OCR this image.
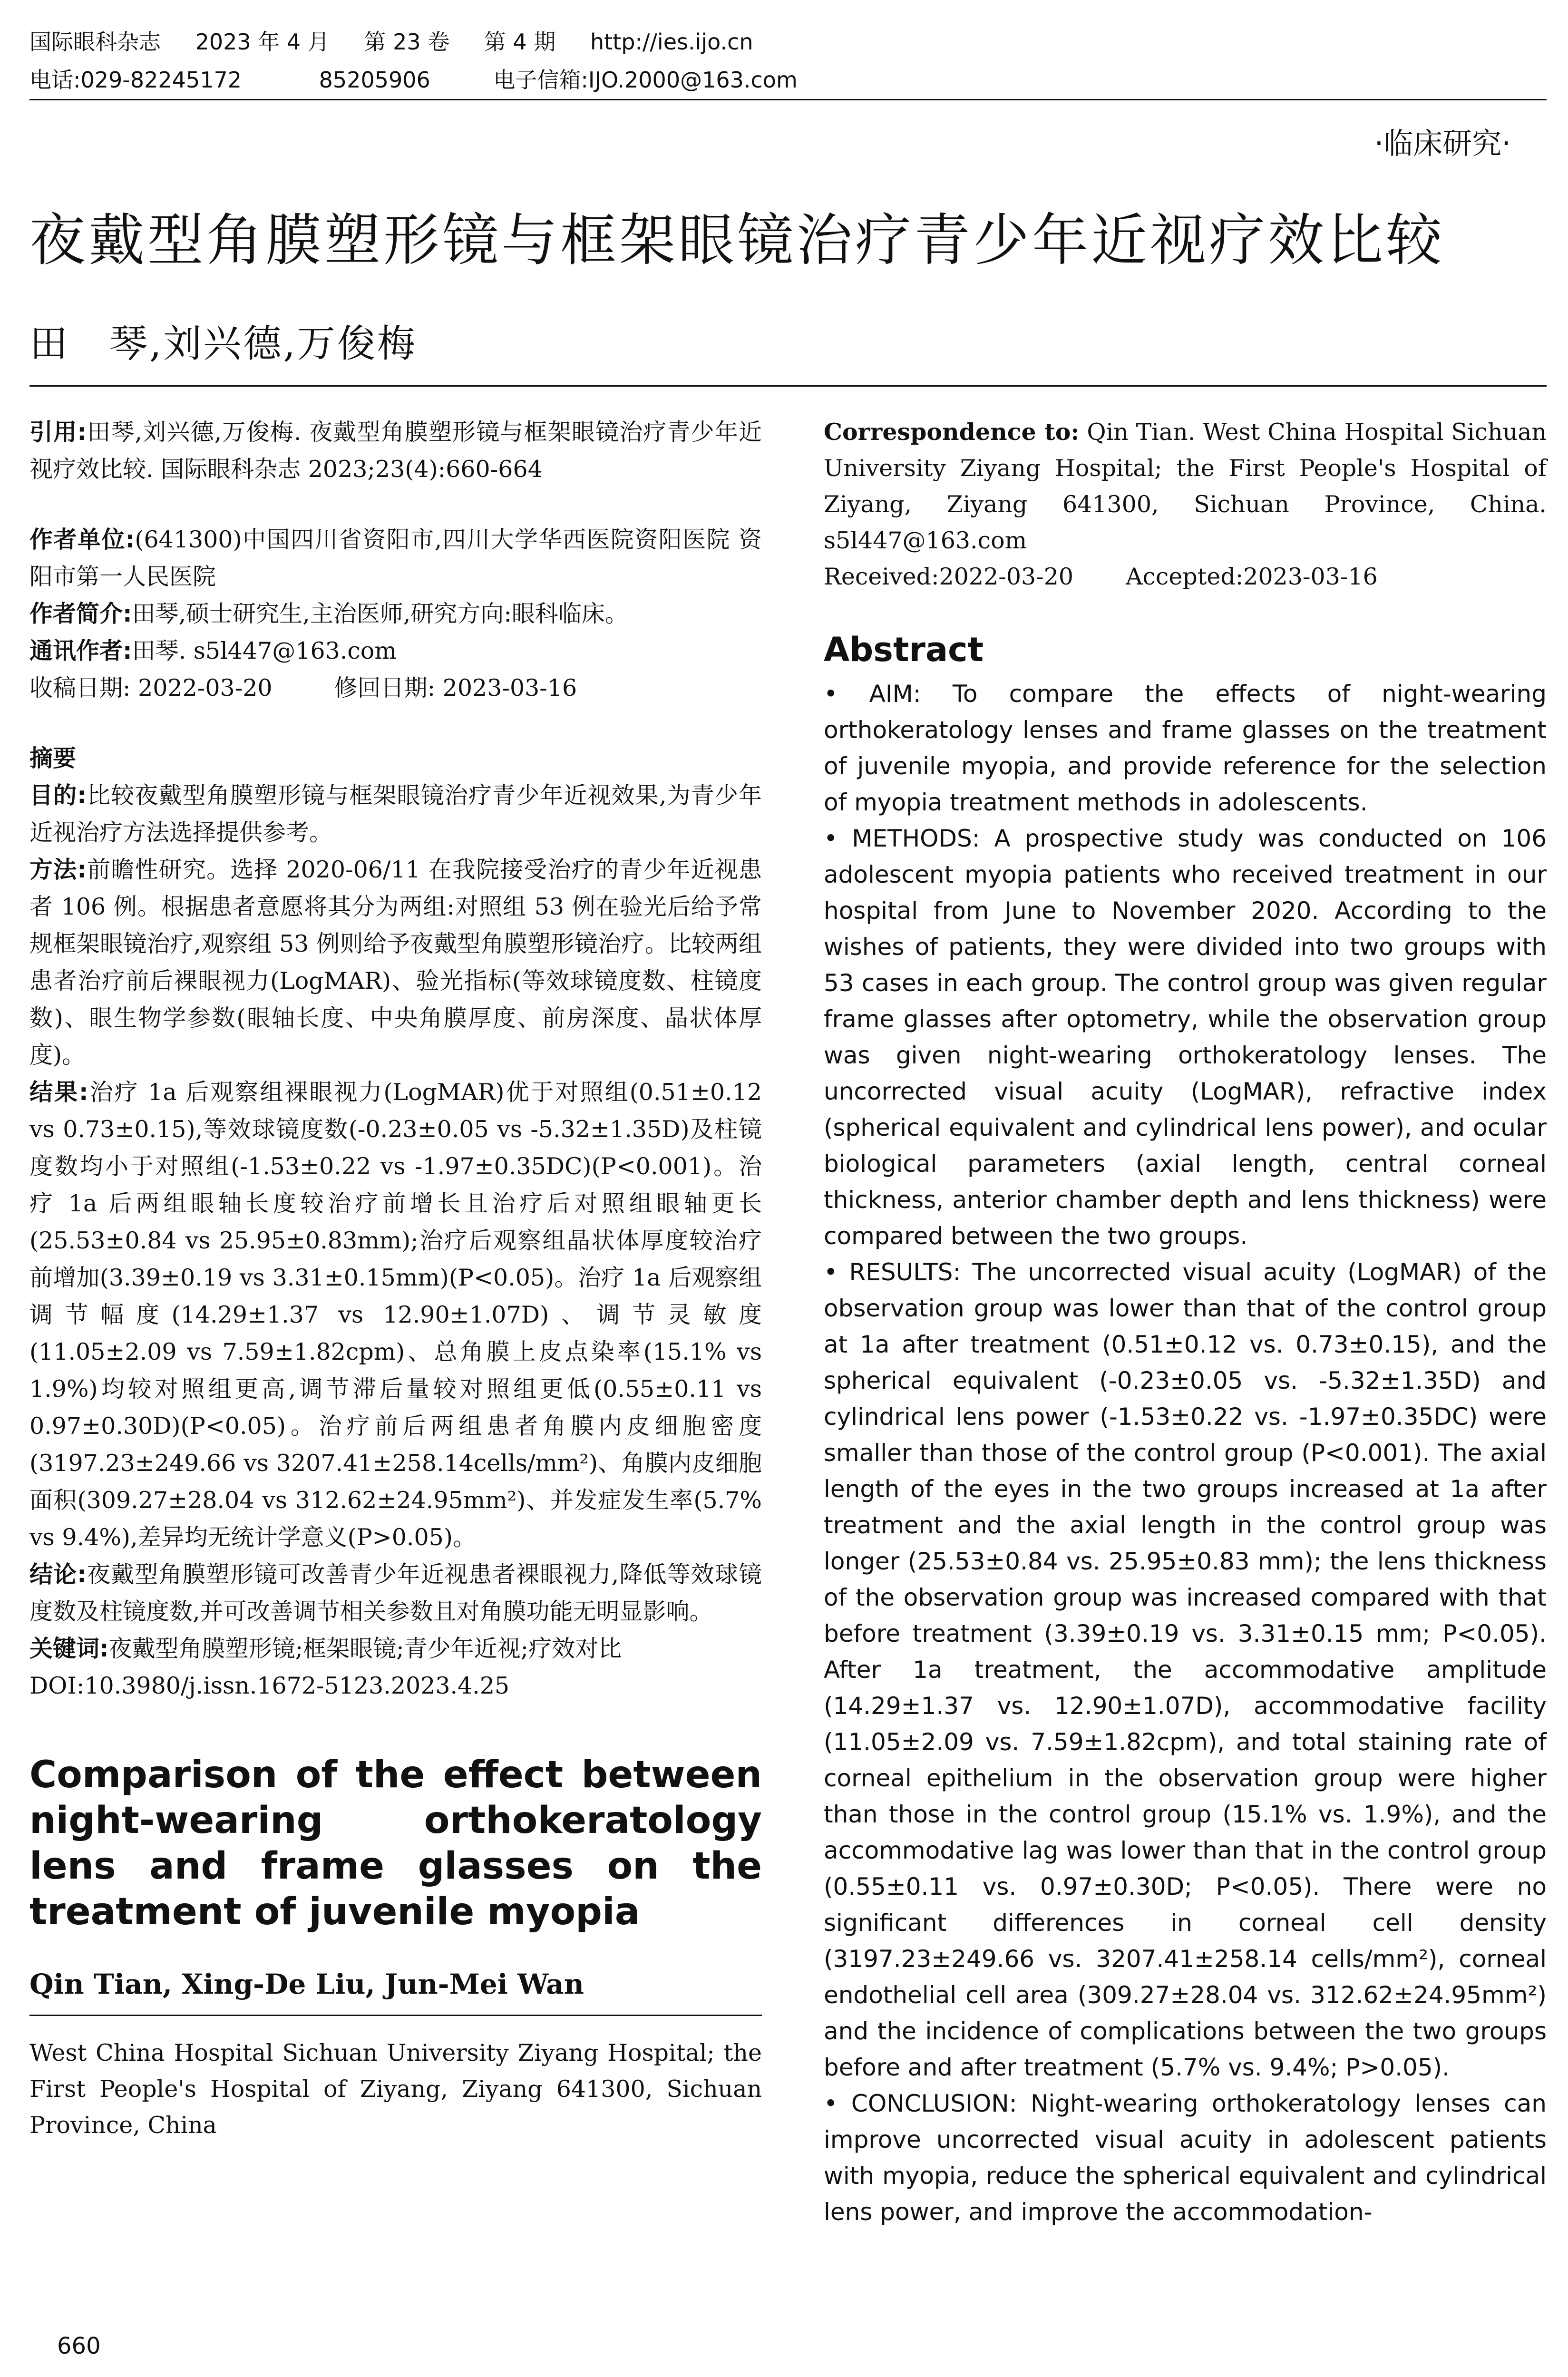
国际眼科杂志 2023 年 4 月 第 23 卷 第 4 期 http://ies.ijo.cn
电话:029-82245172	85205906	电子信箱:IJO.2000@163.com
·临床研究·
夜戴型角膜塑形镜与框架眼镜治疗青少年近视疗效比较
田　琴,刘兴德,万俊梅

引用:田琴,刘兴德,万俊梅. 夜戴型角膜塑形镜与框架眼镜治疗青少年近视疗效比较. 国际眼科杂志 2023;23(4):660-664

作者单位:(641300)中国四川省资阳市,四川大学华西医院资阳医院 资阳市第一人民医院

作者简介:田琴,硕士研究生,主治医师,研究方向:眼科临床。

通讯作者:田琴. s5l447@163.com

收稿日期: 2022-03-20	修回日期: 2023-03-16

摘要

目的:比较夜戴型角膜塑形镜与框架眼镜治疗青少年近视效果,为青少年近视治疗方法选择提供参考。

方法:前瞻性研究。选择 2020-06/11 在我院接受治疗的青少年近视患者 106 例。根据患者意愿将其分为两组:对照组 53 例在验光后给予常规框架眼镜治疗,观察组 53 例则给予夜戴型角膜塑形镜治疗。比较两组患者治疗前后裸眼视力(LogMAR)、验光指标(等效球镜度数、柱镜度数)、眼生物学参数(眼轴长度、中央角膜厚度、前房深度、晶状体厚度)。

结果:治疗 1a 后观察组裸眼视力(LogMAR)优于对照组(0.51±0.12 vs 0.73±0.15),等效球镜度数(-0.23±0.05 vs -5.32±1.35D)及柱镜度数均小于对照组(-1.53±0.22 vs -1.97±0.35DC)(P<0.001)。治疗 1a 后两组眼轴长度较治疗前增长且治疗后对照组眼轴更长(25.53±0.84 vs 25.95±0.83mm);治疗后观察组晶状体厚度较治疗前增加(3.39±0.19 vs 3.31±0.15mm)(P<0.05)。治疗 1a 后观察组调节幅度(14.29±1.37 vs 12.90±1.07D)、调节灵敏度(11.05±2.09 vs 7.59±1.82cpm)、总角膜上皮点染率(15.1% vs 1.9%)均较对照组更高,调节滞后量较对照组更低(0.55±0.11 vs 0.97±0.30D)(P<0.05)。治疗前后两组患者角膜内皮细胞密度(3197.23±249.66 vs 3207.41±258.14cells/mm²)、角膜内皮细胞面积(309.27±28.04 vs 312.62±24.95mm²)、并发症发生率(5.7% vs 9.4%),差异均无统计学意义(P>0.05)。

结论:夜戴型角膜塑形镜可改善青少年近视患者裸眼视力,降低等效球镜度数及柱镜度数,并可改善调节相关参数且对角膜功能无明显影响。

关键词:夜戴型角膜塑形镜;框架眼镜;青少年近视;疗效对比

DOI:10.3980/j.issn.1672-5123.2023.4.25

Comparison of the effect between night-wearing orthokeratology lens and frame glasses on the treatment of juvenile myopia

Qin Tian, Xing-De Liu, Jun-Mei Wan

West China Hospital Sichuan University Ziyang Hospital; the First People's Hospital of Ziyang, Ziyang 641300, Sichuan Province, China

Correspondence to: Qin Tian. West China Hospital Sichuan University Ziyang Hospital; the First People's Hospital of Ziyang, Ziyang 641300, Sichuan Province, China. s5l447@163.com

Received:2022-03-20 Accepted:2023-03-16

Abstract

• AIM: To compare the effects of night-wearing orthokeratology lenses and frame glasses on the treatment of juvenile myopia, and provide reference for the selection of myopia treatment methods in adolescents.

• METHODS: A prospective study was conducted on 106 adolescent myopia patients who received treatment in our hospital from June to November 2020. According to the wishes of patients, they were divided into two groups with 53 cases in each group. The control group was given regular frame glasses after optometry, while the observation group was given night-wearing orthokeratology lenses. The uncorrected visual acuity (LogMAR), refractive index (spherical equivalent and cylindrical lens power), and ocular biological parameters (axial length, central corneal thickness, anterior chamber depth and lens thickness) were compared between the two groups.

• RESULTS: The uncorrected visual acuity (LogMAR) of the observation group was lower than that of the control group at 1a after treatment (0.51±0.12 vs. 0.73±0.15), and the spherical equivalent (-0.23±0.05 vs. -5.32±1.35D) and cylindrical lens power (-1.53±0.22 vs. -1.97±0.35DC) were smaller than those of the control group (P<0.001). The axial length of the eyes in the two groups increased at 1a after treatment and the axial length in the control group was longer (25.53±0.84 vs. 25.95±0.83 mm); the lens thickness of the observation group was increased compared with that before treatment (3.39±0.19 vs. 3.31±0.15 mm; P<0.05). After 1a treatment, the accommodative amplitude (14.29±1.37 vs. 12.90±1.07D), accommodative facility (11.05±2.09 vs. 7.59±1.82cpm), and total staining rate of corneal epithelium in the observation group were higher than those in the control group (15.1% vs. 1.9%), and the accommodative lag was lower than that in the control group (0.55±0.11 vs. 0.97±0.30D; P<0.05). There were no significant differences in corneal cell density (3197.23±249.66 vs. 3207.41±258.14 cells/mm²), corneal endothelial cell area (309.27±28.04 vs. 312.62±24.95mm²) and the incidence of complications between the two groups before and after treatment (5.7% vs. 9.4%; P>0.05).

• CONCLUSION: Night-wearing orthokeratology lenses can improve uncorrected visual acuity in adolescent patients with myopia, reduce the spherical equivalent and cylindrical lens power, and improve the accommodation-

660
